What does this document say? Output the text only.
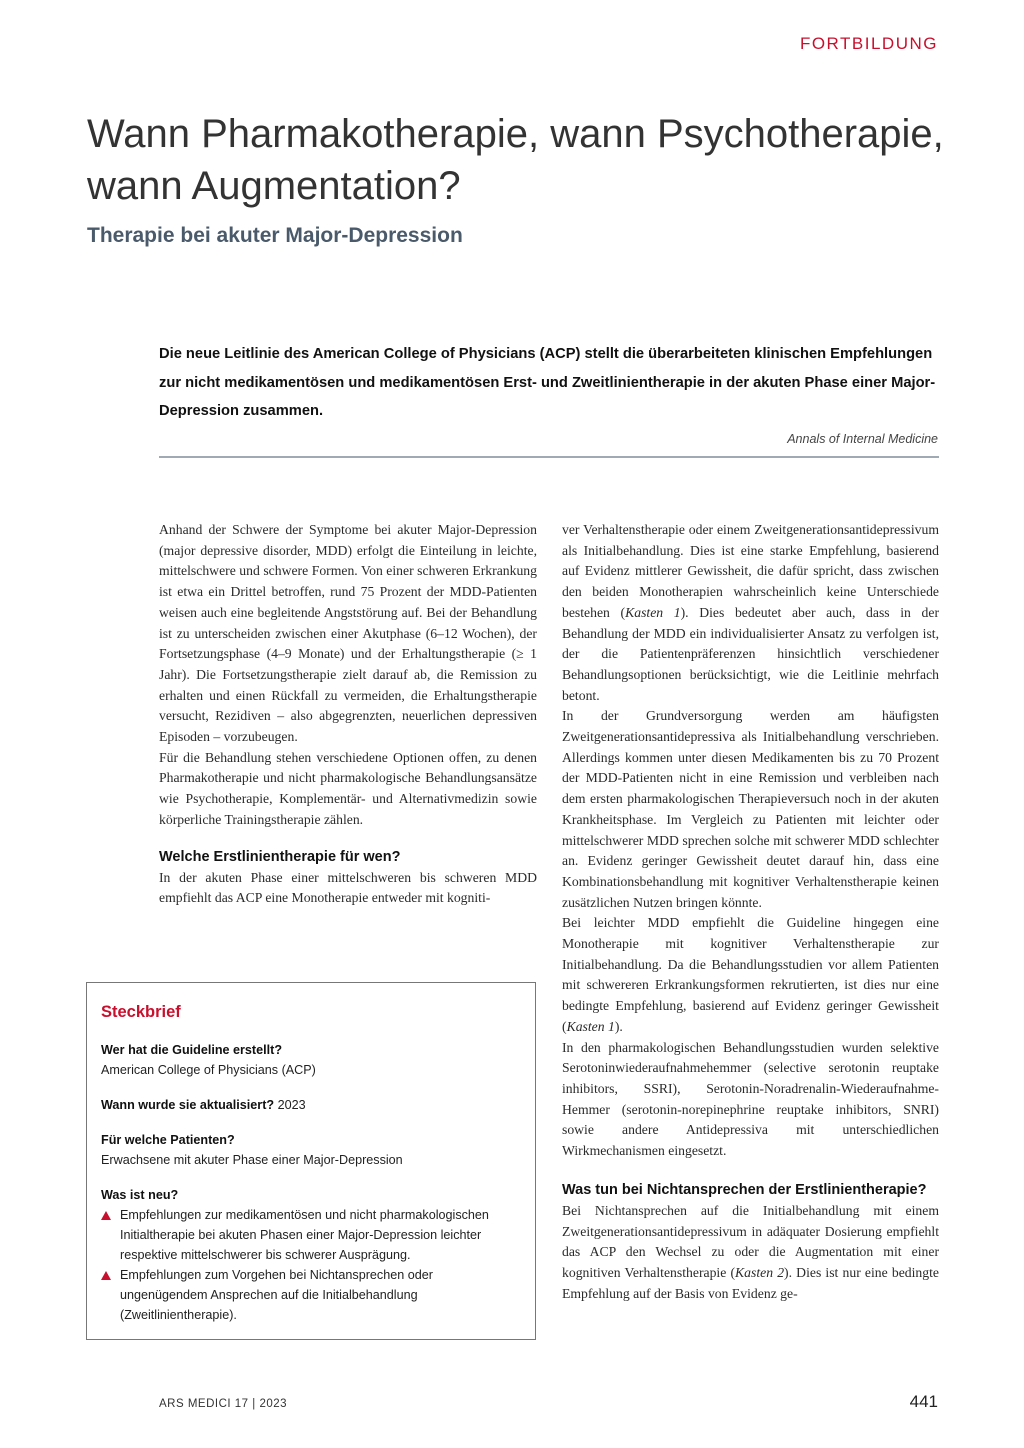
FORTBILDUNG
Wann Pharmakotherapie, wann Psychotherapie, wann Augmentation?
Therapie bei akuter Major-Depression

Die neue Leitlinie des American College of Physicians (ACP) stellt die überarbeiteten klinischen Empfehlungen zur nicht medikamentösen und medikamentösen Erst- und Zweitlinientherapie in der akuten Phase einer Major-Depression zusammen.

Annals of Internal Medicine

Anhand der Schwere der Symptome bei akuter Major-Depression (major depressive disorder, MDD) erfolgt die Einteilung in leichte, mittelschwere und schwere Formen. Von einer schweren Erkrankung ist etwa ein Drittel betroffen, rund 75 Prozent der MDD-Patienten weisen auch eine begleitende Angststörung auf. Bei der Behandlung ist zu unterscheiden zwischen einer Akutphase (6–12 Wochen), der Fortsetzungsphase (4–9 Monate) und der Erhaltungstherapie (≥ 1 Jahr). Die Fortsetzungstherapie zielt darauf ab, die Remission zu erhalten und einen Rückfall zu vermeiden, die Erhaltungstherapie versucht, Rezidiven – also abgegrenzten, neuerlichen depressiven Episoden – vorzubeugen.

Für die Behandlung stehen verschiedene Optionen offen, zu denen Pharmakotherapie und nicht pharmakologische Behandlungsansätze wie Psychotherapie, Komplementär- und Alternativmedizin sowie körperliche Trainingstherapie zählen.

Welche Erstlinientherapie für wen?

In der akuten Phase einer mittelschweren bis schweren MDD empfiehlt das ACP eine Monotherapie entweder mit kogniti-

ver Verhaltenstherapie oder einem Zweitgenerationsantidepressivum als Initialbehandlung. Dies ist eine starke Empfehlung, basierend auf Evidenz mittlerer Gewissheit, die dafür spricht, dass zwischen den beiden Monotherapien wahrscheinlich keine Unterschiede bestehen (Kasten 1). Dies bedeutet aber auch, dass in der Behandlung der MDD ein individualisierter Ansatz zu verfolgen ist, der die Patientenpräferenzen hinsichtlich verschiedener Behandlungsoptionen berücksichtigt, wie die Leitlinie mehrfach betont.

In der Grundversorgung werden am häufigsten Zweitgenerationsantidepressiva als Initialbehandlung verschrieben. Allerdings kommen unter diesen Medikamenten bis zu 70 Prozent der MDD-Patienten nicht in eine Remission und verbleiben nach dem ersten pharmakologischen Therapieversuch noch in der akuten Krankheitsphase. Im Vergleich zu Patienten mit leichter oder mittelschwerer MDD sprechen solche mit schwerer MDD schlechter an. Evidenz geringer Gewissheit deutet darauf hin, dass eine Kombinationsbehandlung mit kognitiver Verhaltenstherapie keinen zusätzlichen Nutzen bringen könnte.

Bei leichter MDD empfiehlt die Guideline hingegen eine Monotherapie mit kognitiver Verhaltenstherapie zur Initialbehandlung. Da die Behandlungsstudien vor allem Patienten mit schwereren Erkrankungsformen rekrutierten, ist dies nur eine bedingte Empfehlung, basierend auf Evidenz geringer Gewissheit (Kasten 1).

In den pharmakologischen Behandlungsstudien wurden selektive Serotoninwiederaufnahmehemmer (selective serotonin reuptake inhibitors, SSRI), Serotonin-Noradrenalin-Wiederaufnahme-Hemmer (serotonin-norepinephrine reuptake inhibitors, SNRI) sowie andere Antidepressiva mit unterschiedlichen Wirkmechanismen eingesetzt.

Was tun bei Nichtansprechen der Erstlinientherapie?

Bei Nichtansprechen auf die Initialbehandlung mit einem Zweitgenerationsantidepressivum in adäquater Dosierung empfiehlt das ACP den Wechsel zu oder die Augmentation mit einer kognitiven Verhaltenstherapie (Kasten 2). Dies ist nur eine bedingte Empfehlung auf der Basis von Evidenz ge-

Steckbrief
Wer hat die Guideline erstellt?
American College of Physicians (ACP)
Wann wurde sie aktualisiert? 2023
Für welche Patienten?
Erwachsene mit akuter Phase einer Major-Depression
Was ist neu?
Empfehlungen zur medikamentösen und nicht pharmakologischen Initialtherapie bei akuten Phasen einer Major-Depression leichter respektive mittelschwerer bis schwerer Ausprägung.
Empfehlungen zum Vorgehen bei Nichtansprechen oder ungenügendem Ansprechen auf die Initialbehandlung (Zweitlinientherapie).
ARS MEDICI 17 | 2023	441
